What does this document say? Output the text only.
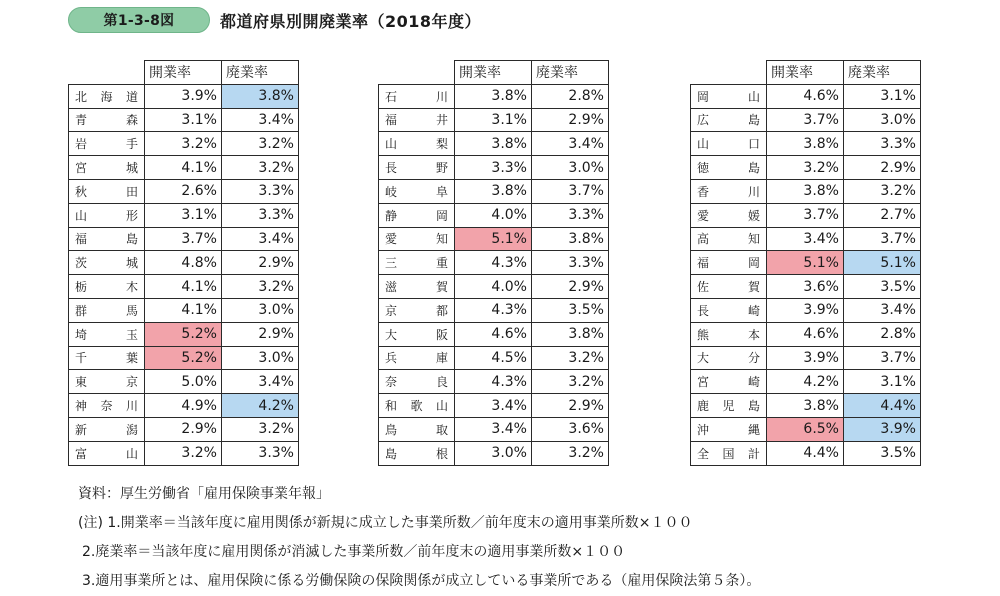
第1-3-8図	都道府県別開廃業率（2018年度）
	開業率	廃業率
北海道	3.9%	3.8%
青森	3.1%	3.4%
岩手	3.2%	3.2%
宮城	4.1%	3.2%
秋田	2.6%	3.3%
山形	3.1%	3.3%
福島	3.7%	3.4%
茨城	4.8%	2.9%
栃木	4.1%	3.2%
群馬	4.1%	3.0%
埼玉	5.2%	2.9%
千葉	5.2%	3.0%
東京	5.0%	3.4%
神奈川	4.9%	4.2%
新潟	2.9%	3.2%
富山	3.2%	3.3%
	開業率	廃業率
石川	3.8%	2.8%
福井	3.1%	2.9%
山梨	3.8%	3.4%
長野	3.3%	3.0%
岐阜	3.8%	3.7%
静岡	4.0%	3.3%
愛知	5.1%	3.8%
三重	4.3%	3.3%
滋賀	4.0%	2.9%
京都	4.3%	3.5%
大阪	4.6%	3.8%
兵庫	4.5%	3.2%
奈良	4.3%	3.2%
和歌山	3.4%	2.9%
鳥取	3.4%	3.6%
島根	3.0%	3.2%
	開業率	廃業率
岡山	4.6%	3.1%
広島	3.7%	3.0%
山口	3.8%	3.3%
徳島	3.2%	2.9%
香川	3.8%	3.2%
愛媛	3.7%	2.7%
高知	3.4%	3.7%
福岡	5.1%	5.1%
佐賀	3.6%	3.5%
長崎	3.9%	3.4%
熊本	4.6%	2.8%
大分	3.9%	3.7%
宮崎	4.2%	3.1%
鹿児島	3.8%	4.4%
沖縄	6.5%	3.9%
全国計	4.4%	3.5%
資料：厚生労働省「雇用保険事業年報」
(注) 1.開業率＝当該年度に雇用関係が新規に成立した事業所数／前年度末の適用事業所数×１００
2.廃業率＝当該年度に雇用関係が消滅した事業所数／前年度末の適用事業所数×１００
3.適用事業所とは、雇用保険に係る労働保険の保険関係が成立している事業所である（雇用保険法第５条）。
